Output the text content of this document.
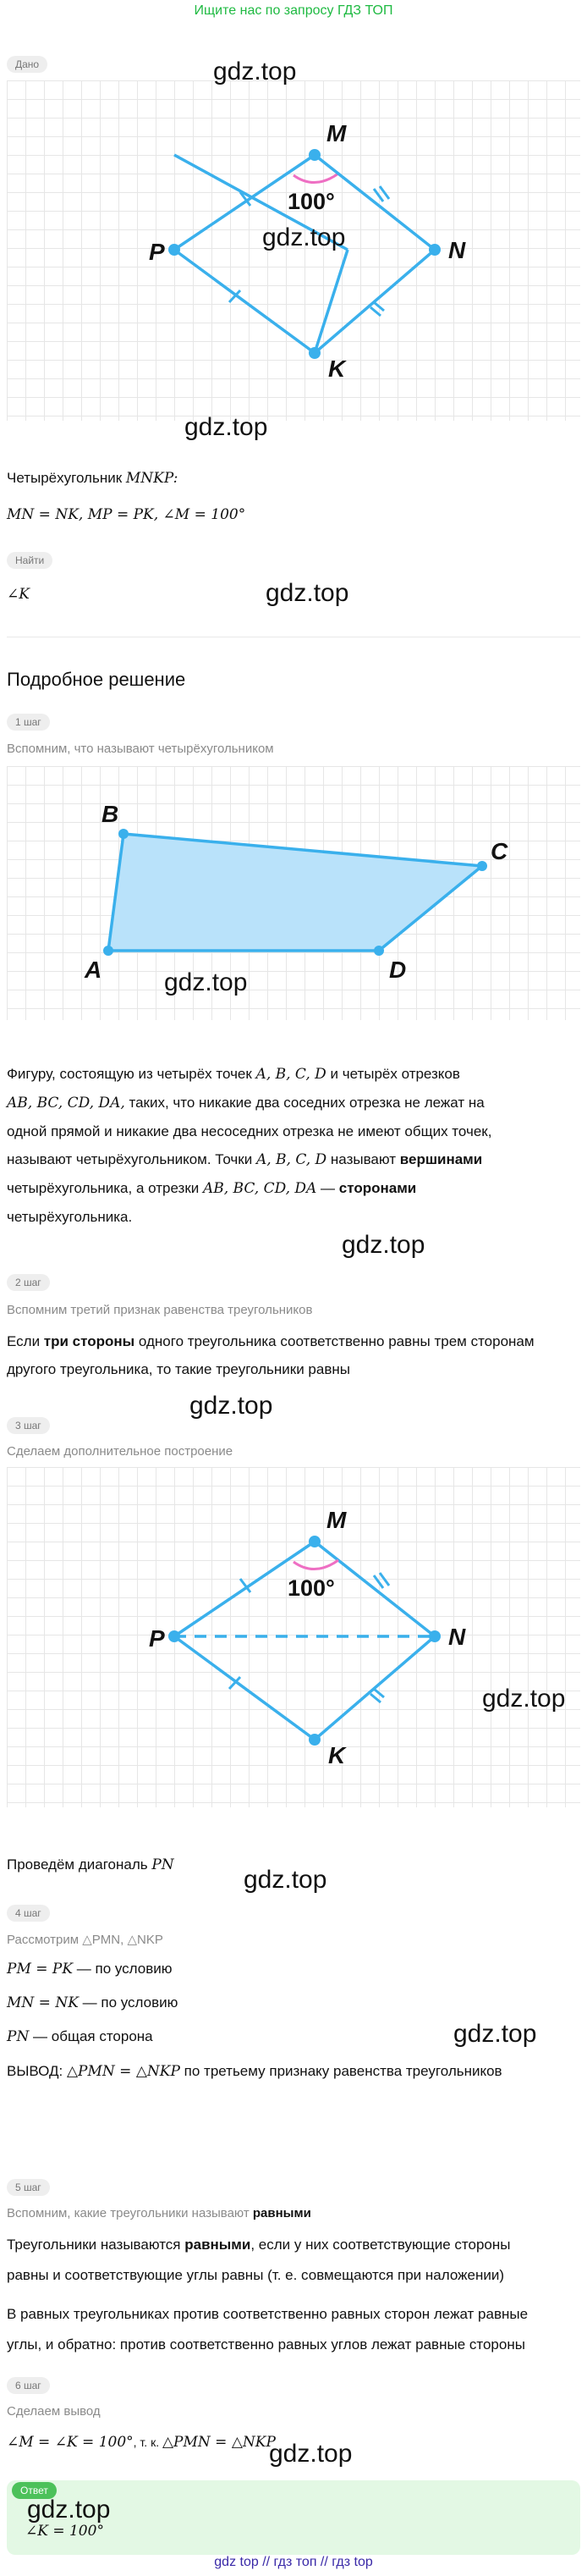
Ищите нас по запросу ГДЗ ТОП
Дано
M
N
K
P
100°
gdz.top
gdz.top
gdz.top
Четырёхугольник MNKP:
MN = NK, MP = PK, ∠M = 100°
Найти
∠K	gdz.top
Подробное решение
1 шаг
Вспомним, что называют четырёхугольником
B
C
D
A gdz.top
Фигуру, состоящую из четырёх точек A, B, C, D и четырёх отрезков
AB, BC, CD, DA, таких, что никакие два соседних отрезка не лежат на
одной прямой и никакие два несоседних отрезка не имеют общих точек,
называют четырёхугольником. Точки A, B, C, D называют вершинами
четырёхугольника, а отрезки AB, BC, CD, DA — сторонами
четырёхугольника.
gdz.top
2 шаг
Вспомним третий признак равенства треугольников
Если три стороны одного треугольника соответственно равны трем сторонам
другого треугольника, то такие треугольники равны
gdz.top
3 шаг
Сделаем дополнительное построение
M
N
K
P
100°
gdz.top
Проведём диагональ PN
gdz.top
4 шаг
Рассмотрим △PMN, △NKP
PM = PK — по условию
MN = NK — по условию
PN — общая сторона
ВЫВОД: △PMN = △NKP по третьему признаку равенства треугольников
gdz.top
5 шаг
Вспомним, какие треугольники называют равными
Треугольники называются равными, если у них соответствующие стороны
равны и соответствующие углы равны (т. е. совмещаются при наложении)
В равных треугольниках против соответственно равных сторон лежат равные
углы, и обратно: против соответственно равных углов лежат равные стороны
6 шаг
Сделаем вывод
∠M = ∠K = 100°, т. к. △PMN = △NKP
gdz.top
Ответ
gdz.top
∠K = 100°
gdz top // гдз топ // гдз top
